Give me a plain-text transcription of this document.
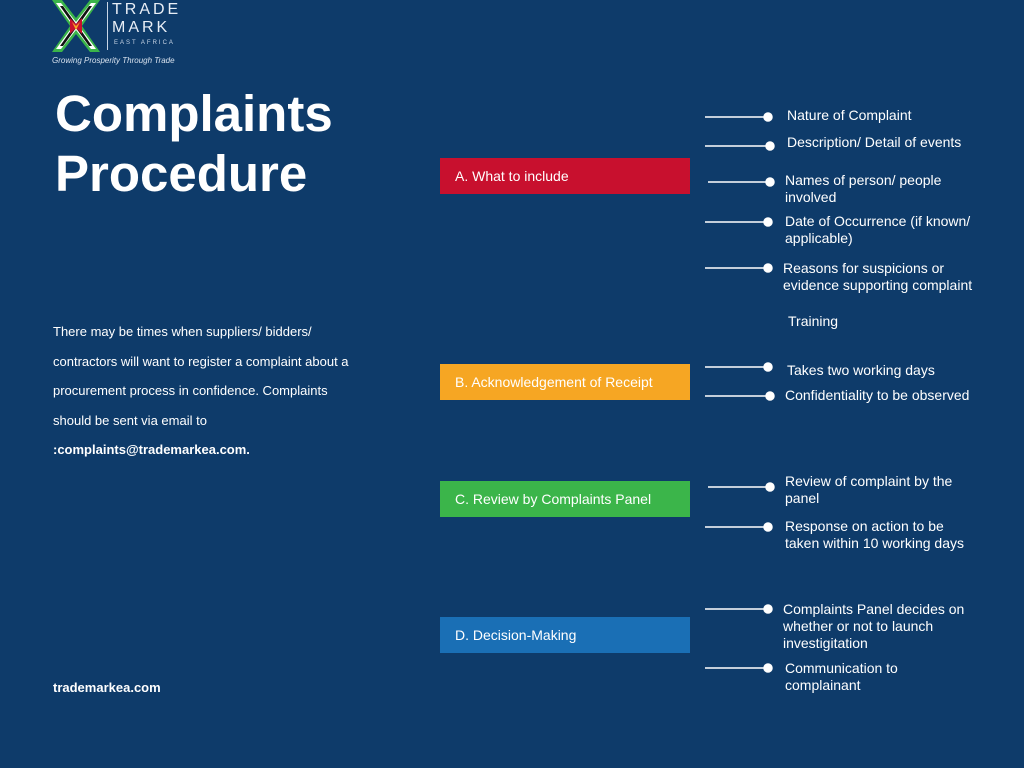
TRADE
MARK
EAST AFRICA
Growing Prosperity Through Trade
Complaints Procedure
There may be times when suppliers/ bidders/ contractors will want to register a complaint about a procurement process in confidence. Complaints should be sent via email to :complaints@trademarkea.com.
trademarkea.com
A. What to include
B. Acknowledgement of Receipt
C. Review by Complaints Panel
D. Decision-Making
Nature of Complaint
Description/ Detail of events
Names of person/ people involved
Date of Occurrence (if known/ applicable)
Reasons for suspicions or evidence supporting complaint
Training
Takes two working days
Confidentiality to be observed
Review of complaint by the panel
Response on action to be taken within 10 working days
Complaints Panel decides on whether or not to launch investigitation
Communication to complainant
